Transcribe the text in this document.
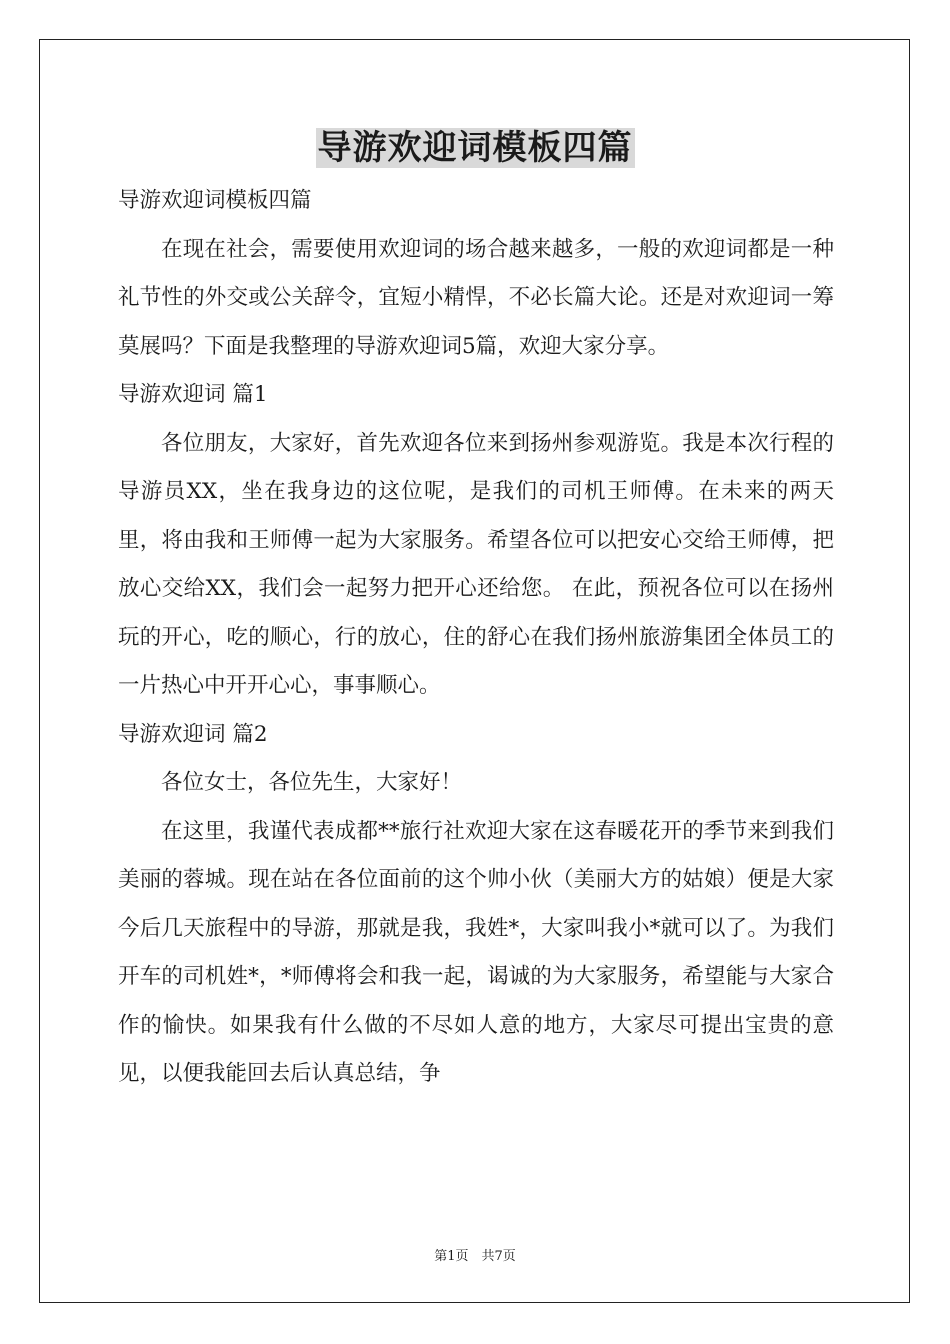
导游欢迎词模板四篇

导游欢迎词模板四篇

在现在社会，需要使用欢迎词的场合越来越多，一般的欢迎词都是一种礼节性的外交或公关辞令，宜短小精悍，不必长篇大论。还是对欢迎词一筹莫展吗？下面是我整理的导游欢迎词5篇，欢迎大家分享。

导游欢迎词 篇1

各位朋友，大家好，首先欢迎各位来到扬州参观游览。我是本次行程的导游员XX，坐在我身边的这位呢，是我们的司机王师傅。在未来的两天里，将由我和王师傅一起为大家服务。希望各位可以把安心交给王师傅，把放心交给XX，我们会一起努力把开心还给您。 在此，预祝各位可以在扬州玩的开心，吃的顺心，行的放心，住的舒心在我们扬州旅游集团全体员工的一片热心中开开心心，事事顺心。

导游欢迎词 篇2

各位女士，各位先生，大家好！

在这里，我谨代表成都**旅行社欢迎大家在这春暖花开的季节来到我们美丽的蓉城。现在站在各位面前的这个帅小伙（美丽大方的姑娘）便是大家今后几天旅程中的导游，那就是我，我姓*，大家叫我小*就可以了。为我们开车的司机姓*，*师傅将会和我一起，谒诚的为大家服务，希望能与大家合作的愉快。如果我有什么做的不尽如人意的地方，大家尽可提出宝贵的意见，以便我能回去后认真总结，争

第1页　共7页
